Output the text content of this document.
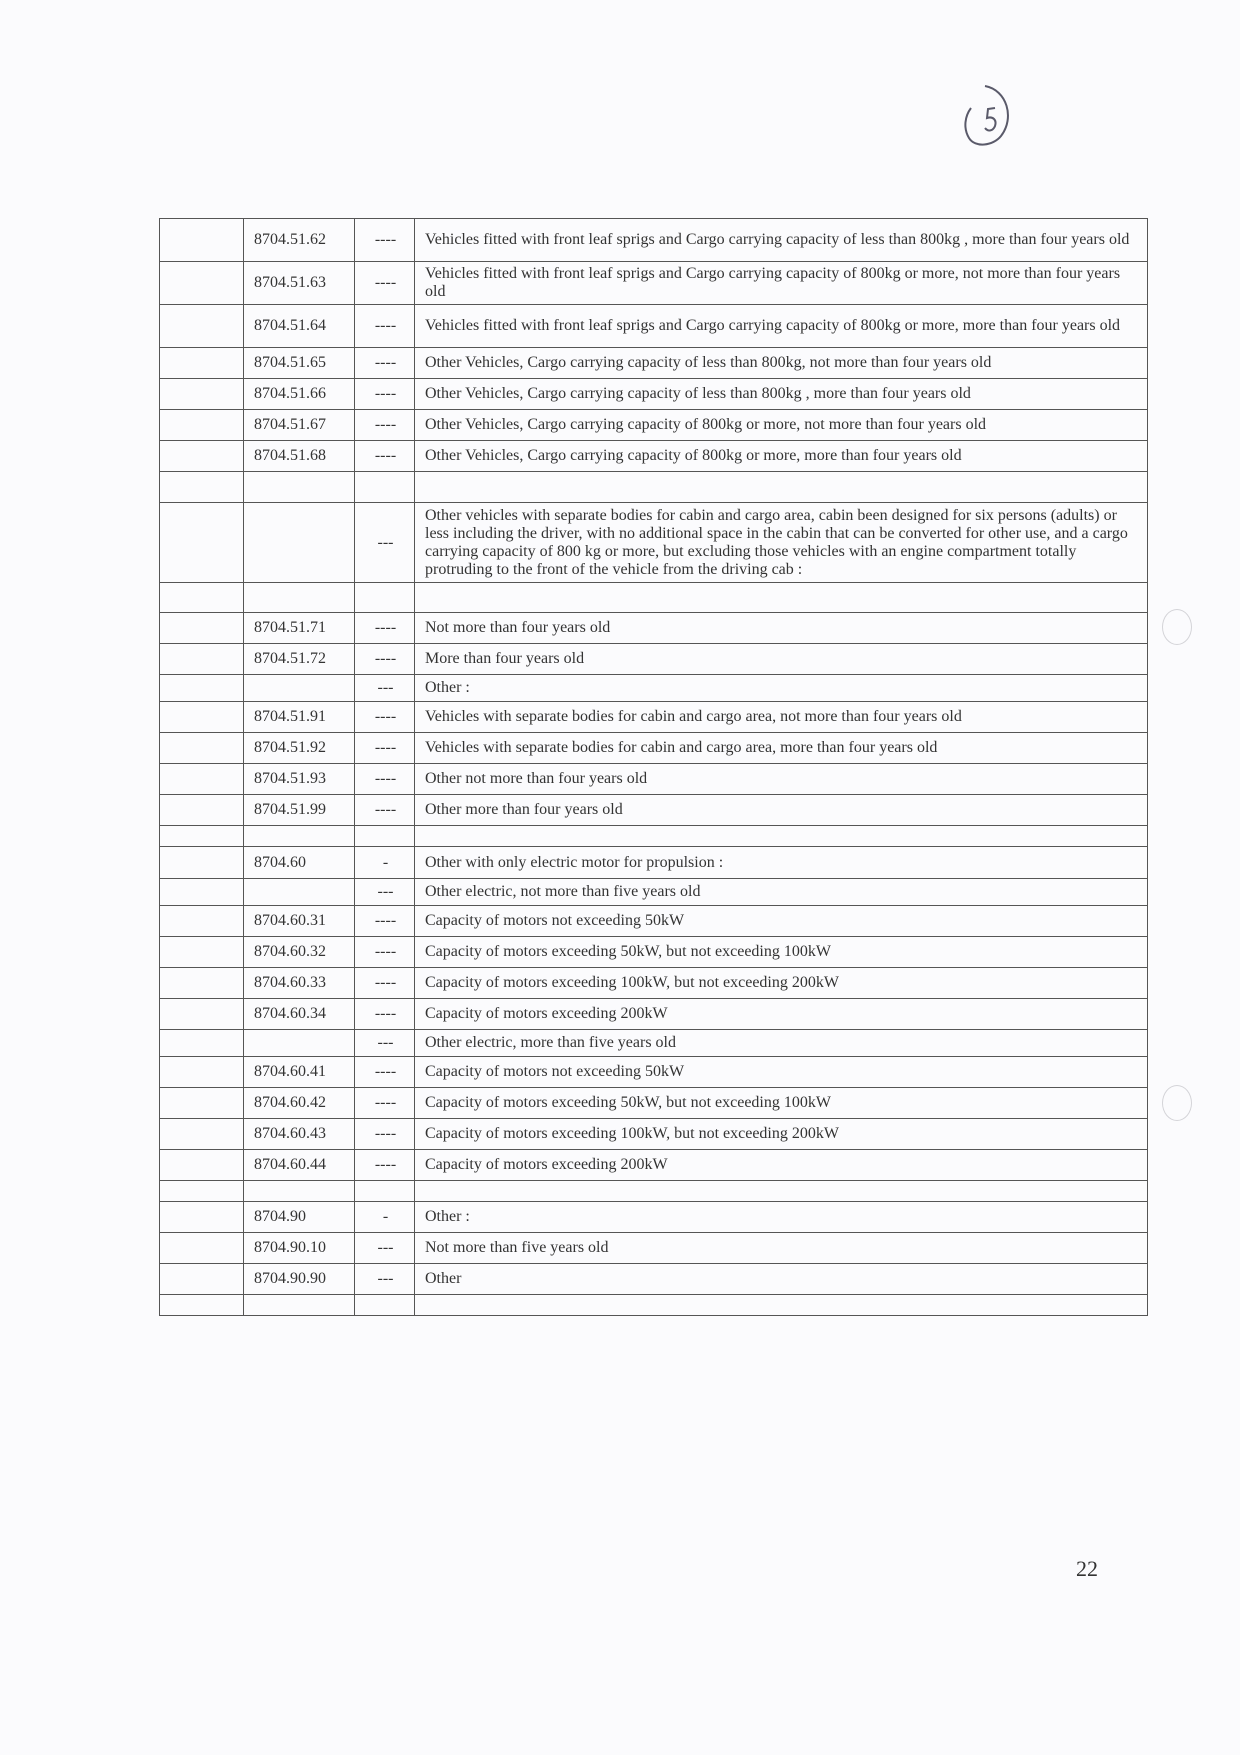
	8704.51.62	----	Vehicles fitted with front leaf sprigs and Cargo carrying capacity of less than 800kg , more than four years old
	8704.51.63	----	Vehicles fitted with front leaf sprigs and Cargo carrying capacity of 800kg or more, not more than four years old
	8704.51.64	----	Vehicles fitted with front leaf sprigs and Cargo carrying capacity of 800kg or more, more than four years old
	8704.51.65	----	Other Vehicles, Cargo carrying capacity of less than 800kg, not more than four years old
	8704.51.66	----	Other Vehicles, Cargo carrying capacity of less than 800kg , more than four years old
	8704.51.67	----	Other Vehicles, Cargo carrying capacity of 800kg or more, not more than four years old
	8704.51.68	----	Other Vehicles, Cargo carrying capacity of 800kg or more, more than four years old

		---	Other vehicles with separate bodies for cabin and cargo area, cabin been designed for six persons (adults) or less including the driver, with no additional space in the cabin that can be converted for other use, and a cargo carrying capacity of 800 kg or more, but excluding those vehicles with an engine compartment totally protruding to the front of the vehicle from the driving cab :

	8704.51.71	----	Not more than four years old
	8704.51.72	----	More than four years old
		---	Other :
	8704.51.91	----	Vehicles with separate bodies for cabin and cargo area, not more than four years old
	8704.51.92	----	Vehicles with separate bodies for cabin and cargo area, more than four years old
	8704.51.93	----	Other not more than four years old
	8704.51.99	----	Other more than four years old

	8704.60	-	Other with only electric motor for propulsion :
		---	Other electric, not more than five years old
	8704.60.31	----	Capacity of motors not exceeding 50kW
	8704.60.32	----	Capacity of motors exceeding 50kW, but not exceeding 100kW
	8704.60.33	----	Capacity of motors exceeding 100kW, but not exceeding 200kW
	8704.60.34	----	Capacity of motors exceeding 200kW
		---	Other electric, more than five years old
	8704.60.41	----	Capacity of motors not exceeding 50kW
	8704.60.42	----	Capacity of motors exceeding 50kW, but not exceeding 100kW
	8704.60.43	----	Capacity of motors exceeding 100kW, but not exceeding 200kW
	8704.60.44	----	Capacity of motors exceeding 200kW

	8704.90	-	Other :
	8704.90.10	---	Not more than five years old
	8704.90.90	---	Other

22
